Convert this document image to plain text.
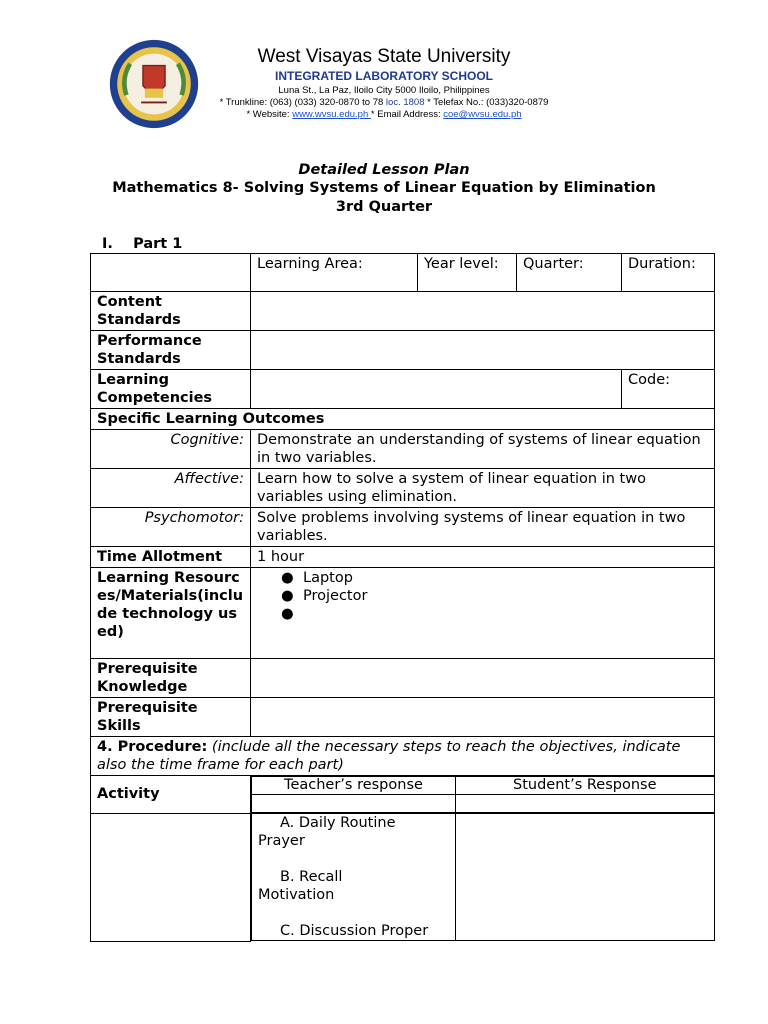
West Visayas State University
INTEGRATED LABORATORY SCHOOL
Luna St., La Paz, Iloilo City 5000 Iloilo, Philippines
* Trunkline: (063) (033) 320-0870 to 78 loc. 1808 * Telefax No.: (033)320-0879
* Website: www.wvsu.edu.ph * Email Address: coe@wvsu.edu.ph
Detailed Lesson Plan
Mathematics 8- Solving Systems of Linear Equation by Elimination
3rd Quarter
I.    Part 1
	Learning Area:	Year level:	Quarter:	Duration:
Content Standards	
Performance Standards	
Learning Competencies		Code:
Specific Learning Outcomes
Cognitive:	Demonstrate an understanding of systems of linear equation in two variables.
Affective:	Learn how to solve a system of linear equation in two variables using elimination.
Psychomotor:	Solve problems involving systems of linear equation in two variables.
Time Allotment	1 hour
Learning Resources/Materials(include technology used)	
● Laptop
● Projector
●

Prerequisite Knowledge	
Prerequisite Skills	
4. Procedure: (include all the necessary steps to reach the objectives, indicate also the time frame for each part)
Activity	
Teacher’s response	Student’s Response

A. Daily Routine
Prayer
B. Recall
Motivation
C. Discussion Proper
